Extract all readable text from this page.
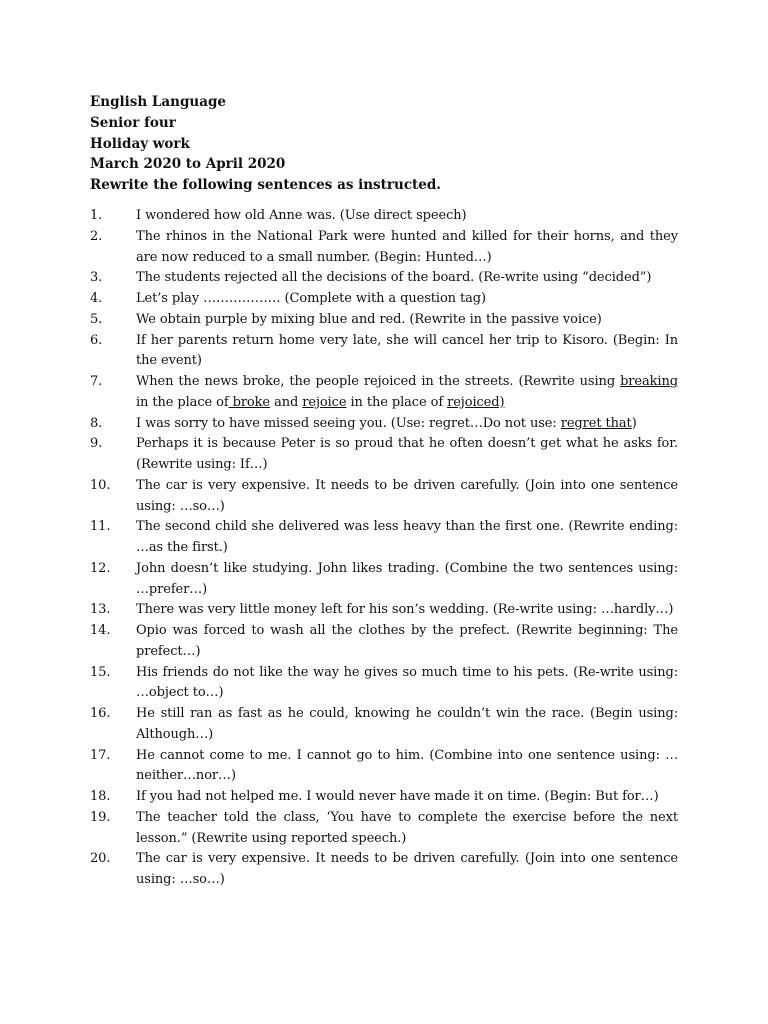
English Language
Senior four
Holiday work
March 2020 to April 2020
Rewrite the following sentences as instructed.
1.	I wondered how old Anne was. (Use direct speech)
2.	The rhinos in the National Park were hunted and killed for their horns, and they are now reduced to a small number. (Begin: Hunted…)
3.	The students rejected all the decisions of the board. (Re-write using “decided”)
4.	Let’s play ……………… (Complete with a question tag)
5.	We obtain purple by mixing blue and red. (Rewrite in the passive voice)
6.	If her parents return home very late, she will cancel her trip to Kisoro. (Begin: In the event)
7.	When the news broke, the people rejoiced in the streets. (Rewrite using breaking in the place of broke and rejoice in the place of rejoiced)
8.	I was sorry to have missed seeing you. (Use: regret…Do not use: regret that)
9.	Perhaps it is because Peter is so proud that he often doesn’t get what he asks for. (Rewrite using: If…)
10.	The car is very expensive. It needs to be driven carefully. (Join into one sentence using: …so…)
11.	The second child she delivered was less heavy than the first one. (Rewrite ending: …as the first.)
12.	John doesn’t like studying. John likes trading. (Combine the two sentences using: …prefer…)
13.	There was very little money left for his son’s wedding. (Re-write using: …hardly…)
14.	Opio was forced to wash all the clothes by the prefect. (Rewrite beginning: The prefect…)
15.	His friends do not like the way he gives so much time to his pets. (Re-write using: …object to…)
16.	He still ran as fast as he could, knowing he couldn’t win the race. (Begin using: Although…)
17.	He cannot come to me. I cannot go to him. (Combine into one sentence using: …neither…nor…)
18.	If you had not helped me. I would never have made it on time. (Begin: But for…)
19.	The teacher told the class, ‘You have to complete the exercise before the next lesson.” (Rewrite using reported speech.)
20.	The car is very expensive. It needs to be driven carefully. (Join into one sentence using: …so…)
